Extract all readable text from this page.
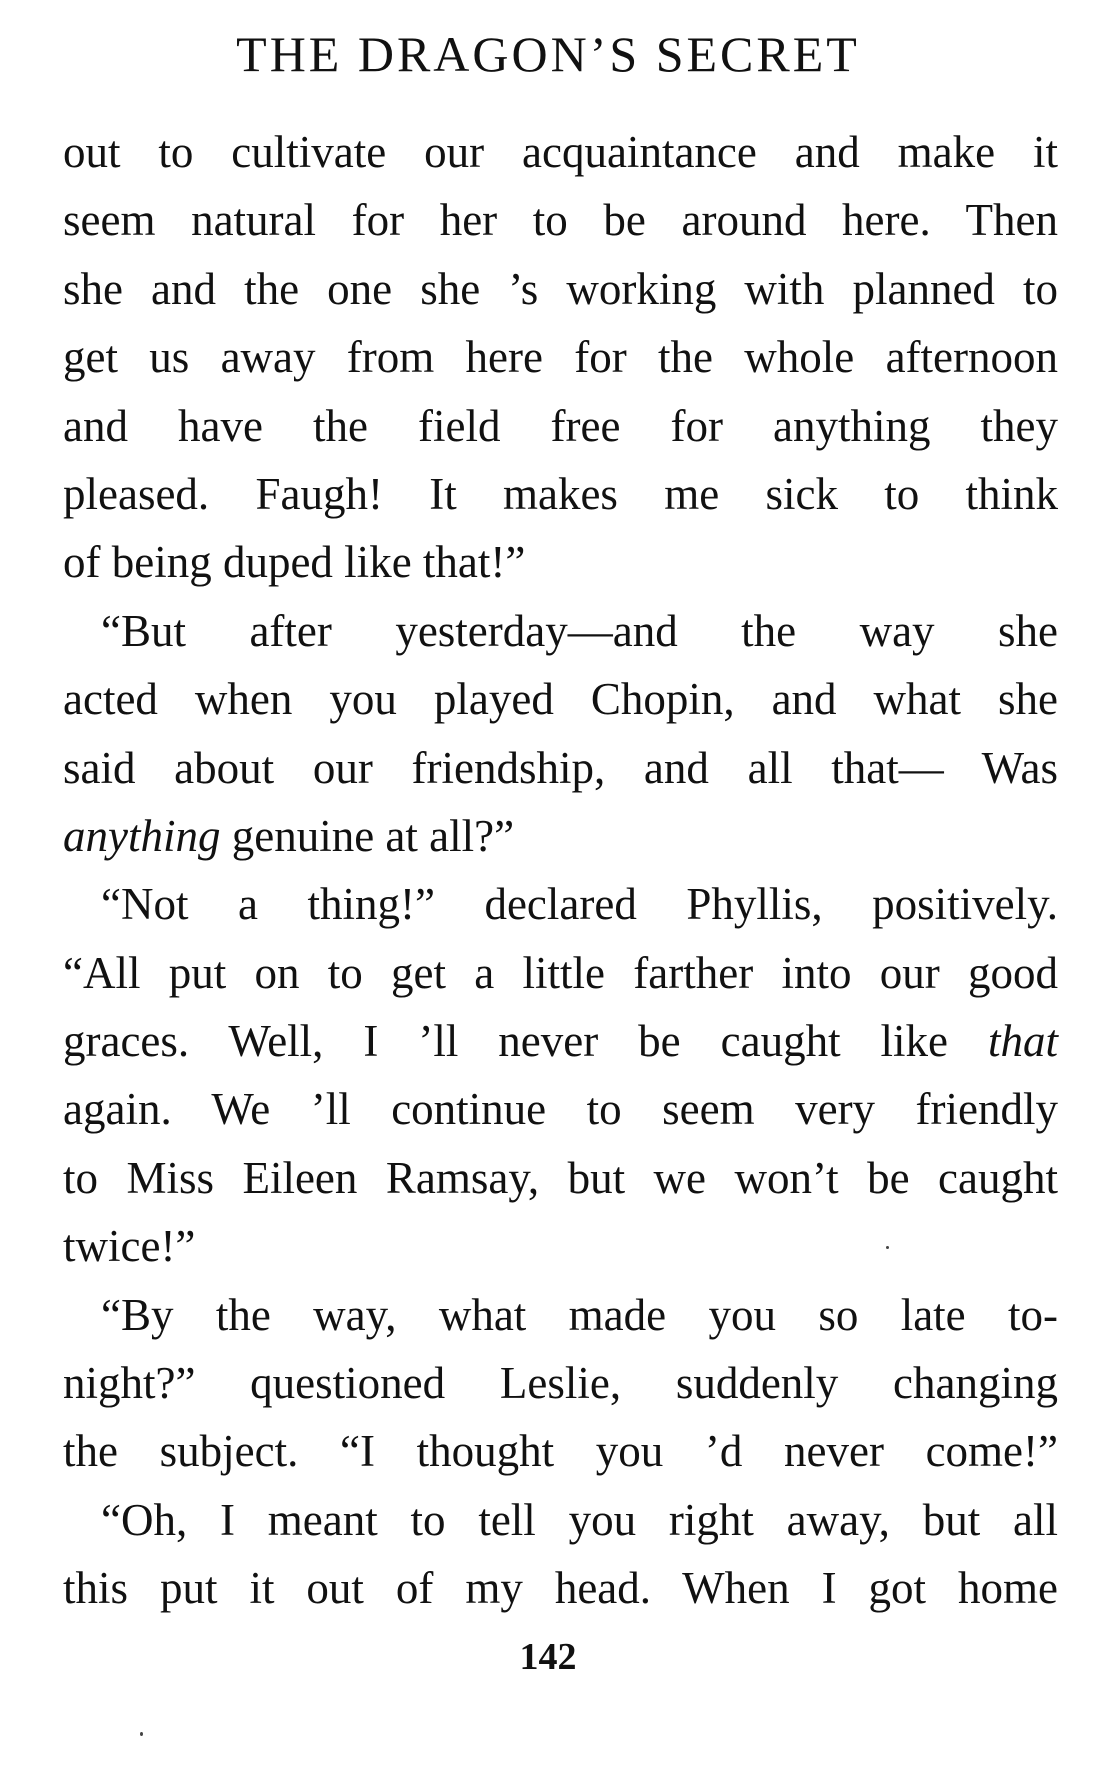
THE DRAGON’S SECRET
out to cultivate our acquaintance and make it
seem natural for her to be around here. Then
she and the one she ’s working with planned to
get us away from here for the whole afternoon
and have the field free for anything they
pleased. Faugh! It makes me sick to think
of being duped like that!”
“But after yesterday—and the way she
acted when you played Chopin, and what she
said about our friendship, and all that— Was
anything genuine at all?”
“Not a thing!” declared Phyllis, positively.
“All put on to get a little farther into our good
graces. Well, I ’ll never be caught like that
again. We ’ll continue to seem very friendly
to Miss Eileen Ramsay, but we won’t be caught
twice!”
“By the way, what made you so late to-
night?” questioned Leslie, suddenly changing
the subject. “I thought you ’d never come!”
“Oh, I meant to tell you right away, but all
this put it out of my head. When I got home
142
